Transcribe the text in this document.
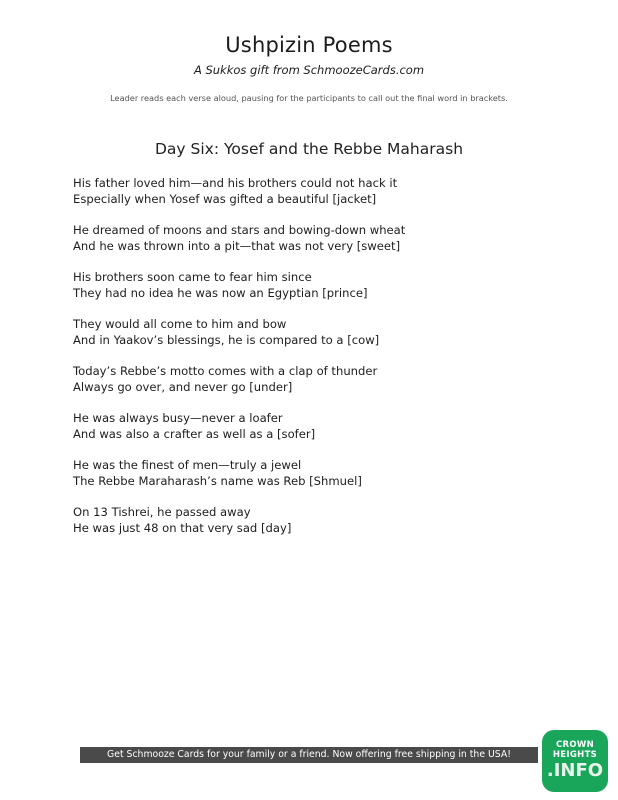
Ushpizin Poems
A Sukkos gift from SchmoozeCards.com
Leader reads each verse aloud, pausing for the participants to call out the final word in brackets.
Day Six: Yosef and the Rebbe Maharash
His father loved him—and his brothers could not hack it
Especially when Yosef was gifted a beautiful [jacket]
He dreamed of moons and stars and bowing-down wheat
And he was thrown into a pit—that was not very [sweet]
His brothers soon came to fear him since
They had no idea he was now an Egyptian [prince]
They would all come to him and bow
And in Yaakov’s blessings, he is compared to a [cow]
Today’s Rebbe’s motto comes with a clap of thunder
Always go over, and never go [under]
He was always busy—never a loafer
And was also a crafter as well as a [sofer]
He was the finest of men—truly a jewel
The Rebbe Maraharash’s name was Reb [Shmuel]
On 13 Tishrei, he passed away
He was just 48 on that very sad [day]
Get Schmooze Cards for your family or a friend. Now offering free shipping in the USA!
CROWN
HEIGHTS
.INFO
